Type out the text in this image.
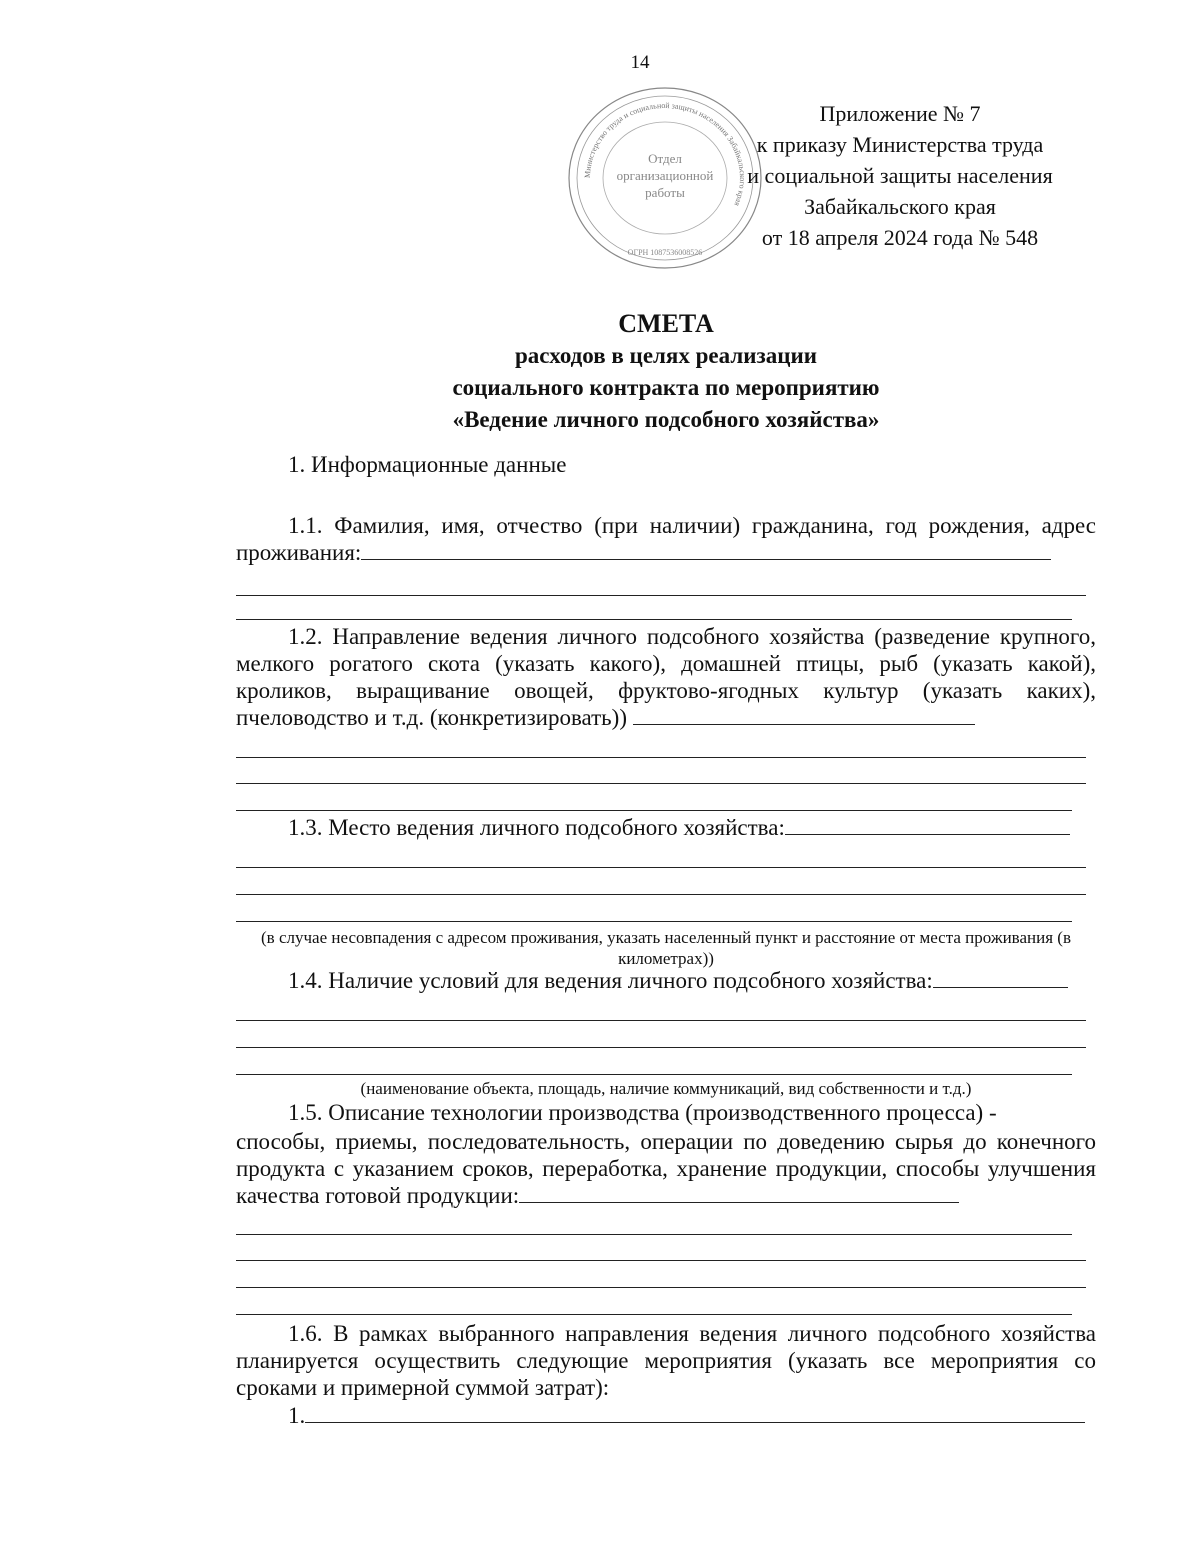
14
Министерство труда и социальной защиты населения Забайкальского края
Отдел
организационной
работы
ОГРН 1087536008526
Приложение № 7
к приказу Министерства труда
и социальной защиты населения
Забайкальского края
от 18 апреля 2024 года № 548
СМЕТА
расходов в целях реализации
социального контракта по мероприятию
«Ведение личного подсобного хозяйства»
1. Информационные данные
1.1. Фамилия, имя, отчество (при наличии) гражданина, год рождения, адрес проживания:
1.2. Направление ведения личного подсобного хозяйства (разведение крупного, мелкого рогатого скота (указать какого), домашней птицы, рыб (указать какой), кроликов, выращивание овощей, фруктово-ягодных культур (указать каких), пчеловодство и т.д. (конкретизировать))
1.3. Место ведения личного подсобного хозяйства:
(в случае несовпадения с адресом проживания, указать населенный пункт и расстояние от места проживания (в километрах))
1.4. Наличие условий для ведения личного подсобного хозяйства:
(наименование объекта, площадь, наличие коммуникаций, вид собственности и т.д.)
1.5. Описание технологии производства (производственного процесса) -
способы, приемы, последовательность, операции по доведению сырья до конечного продукта с указанием сроков, переработка, хранение продукции, способы улучшения качества готовой продукции:
1.6. В рамках выбранного направления ведения личного подсобного хозяйства планируется осуществить следующие мероприятия (указать все мероприятия со сроками и примерной суммой затрат):
1.
